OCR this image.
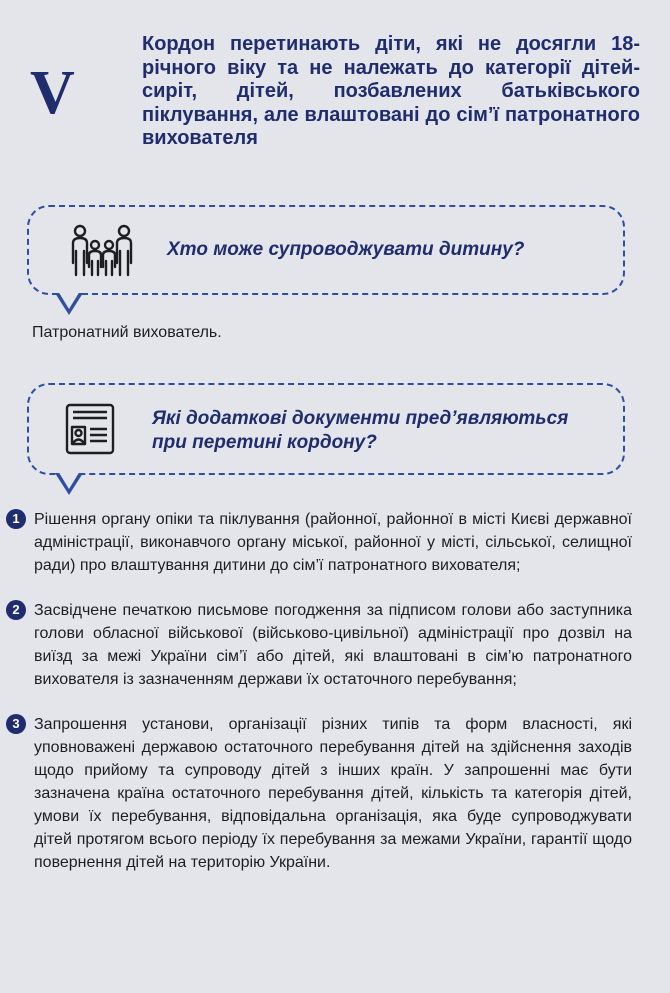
V
Кордон перетинають діти, які не досягли 18-річного віку та не належать до категорії дітей-сиріт, дітей, позбавлених батьківського піклування, але влаштовані до сім’ї патронатного вихователя
Хто може супроводжувати дитину?
Патронатний вихователь.
Які додаткові документи пред’являються при перетині кордону?
1 Рішення органу опіки та піклування (районної, районної в місті Києві державної адміністрації, виконавчого органу міської, районної у місті, сільської, селищної ради) про влаштування дитини до сім’ї патронатного вихователя;
2 Засвідчене печаткою письмове погодження за підписом голови або заступника голови обласної військової (військово-цивільної) адміністрації про дозвіл на виїзд за межі України сім’ї або дітей, які влаштовані в сім’ю патронатного вихователя із зазначенням держави їх остаточного перебування;
3 Запрошення установи, організації різних типів та форм власності, які уповноважені державою остаточного перебування дітей на здійснення заходів щодо прийому та супроводу дітей з інших країн. У запрошенні має бути зазначена країна остаточного перебування дітей, кількість та категорія дітей, умови їх перебування, відповідальна організація, яка буде супроводжувати дітей протягом всього періоду їх перебування за межами України, гарантії щодо повернення дітей на територію України.
